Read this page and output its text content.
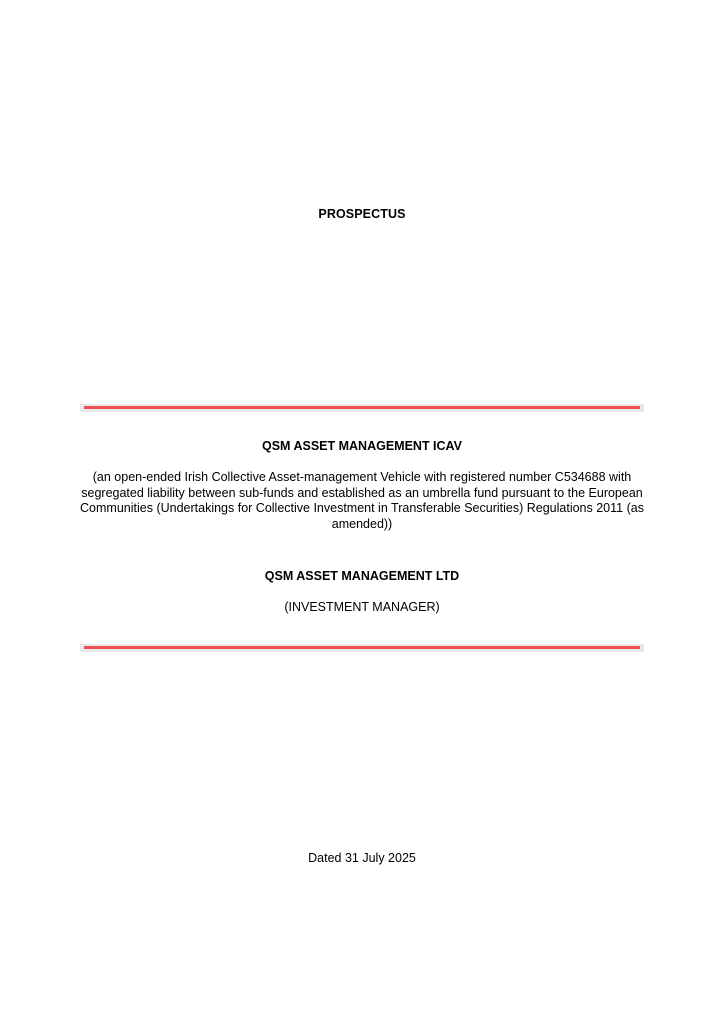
PROSPECTUS
QSM ASSET MANAGEMENT ICAV
(an open-ended Irish Collective Asset-management Vehicle with registered number C534688 with segregated liability between sub-funds and established as an umbrella fund pursuant to the European Communities (Undertakings for Collective Investment in Transferable Securities) Regulations 2011 (as amended))
QSM ASSET MANAGEMENT LTD
(INVESTMENT MANAGER)
Dated 31 July 2025
